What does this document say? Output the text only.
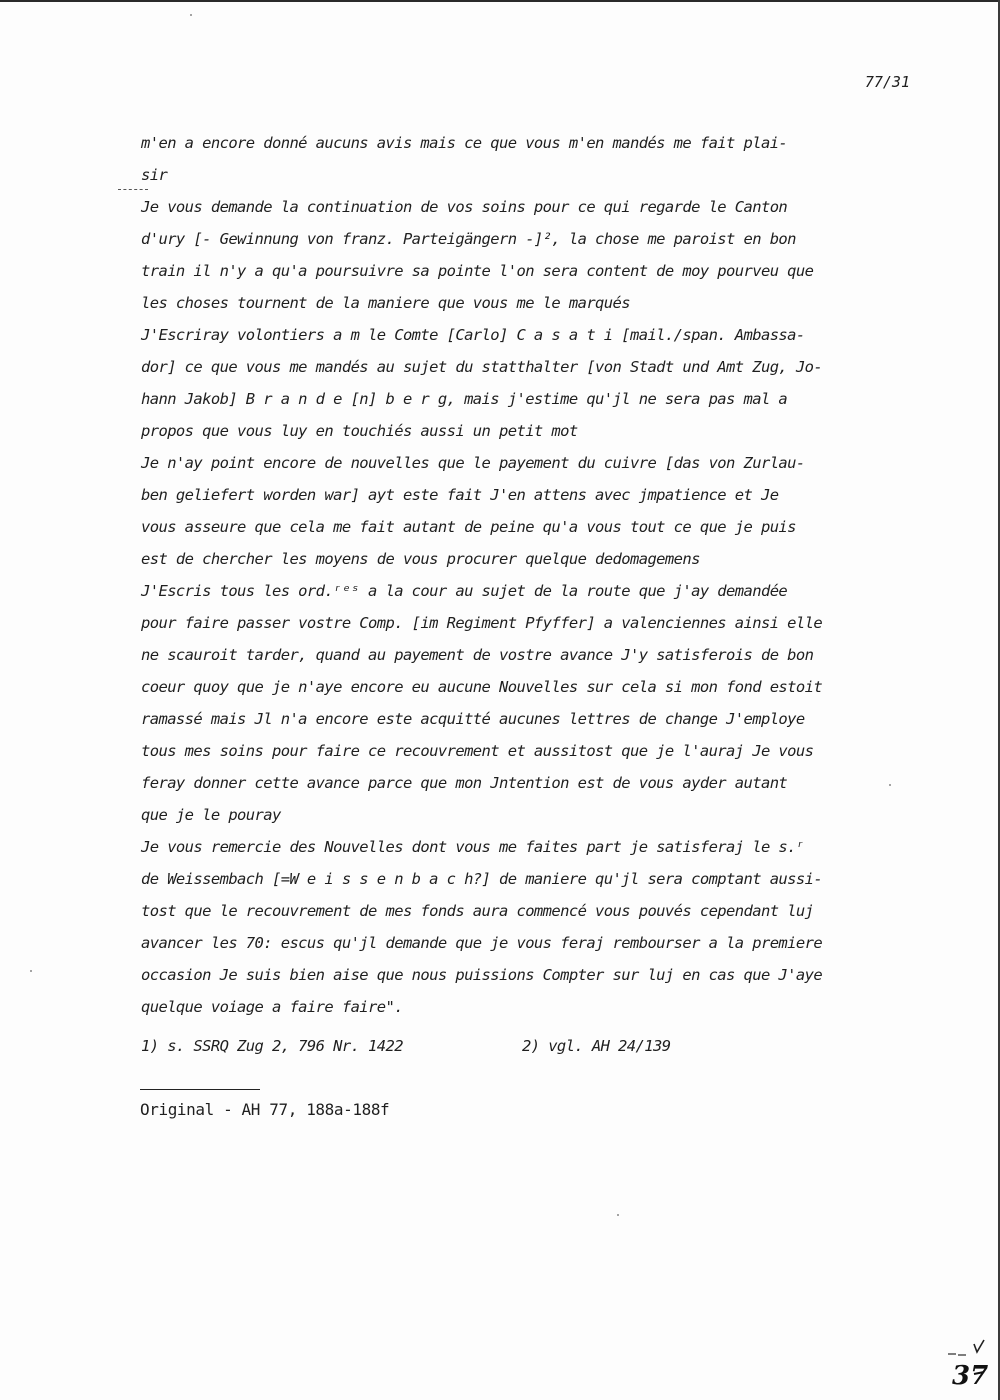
77/31
m'en a encore donné aucuns avis mais ce que vous m'en mandés me fait plai-
sir
Je vous demande la continuation de vos soins pour ce qui regarde le Canton
d'ury [- Gewinnung von franz. Parteigängern -]², la chose me paroist en bon
train il n'y a qu'a poursuivre sa pointe l'on sera content de moy pourveu que
les choses tournent de la maniere que vous me le marqués
J'Escriray volontiers a m le Comte [Carlo] C a s a t i [mail./span. Ambassa-
dor] ce que vous me mandés au sujet du statthalter [von Stadt und Amt Zug, Jo-
hann Jakob] B r a n d e [n] b e r g, mais j'estime qu'jl ne sera pas mal a
propos que vous luy en touchiés aussi un petit mot
Je n'ay point encore de nouvelles que le payement du cuivre [das von Zurlau-
ben geliefert worden war] ayt este fait J'en attens avec jmpatience et Je
vous asseure que cela me fait autant de peine qu'a vous tout ce que je puis
est de chercher les moyens de vous procurer quelque dedomagemens
J'Escris tous les ord.ʳᵉˢ a la cour au sujet de la route que j'ay demandée
pour faire passer vostre Comp. [im Regiment Pfyffer] a valenciennes ainsi elle
ne scauroit tarder, quand au payement de vostre avance J'y satisferois de bon
coeur quoy que je n'aye encore eu aucune Nouvelles sur cela si mon fond estoit
ramassé mais Jl n'a encore este acquitté aucunes lettres de change J'employe
tous mes soins pour faire ce recouvrement et aussitost que je l'auraj Je vous
feray donner cette avance parce que mon Jntention est de vous ayder autant
que je le pouray
Je vous remercie des Nouvelles dont vous me faites part je satisferaj le s.ʳ
de Weissembach [=W e i s s e n b a c h?] de maniere qu'jl sera comptant aussi-
tost que le recouvrement de mes fonds aura commencé vous pouvés cependant luj
avancer les 70: escus qu'jl demande que je vous feraj rembourser a la premiere
occasion Je suis bien aise que nous puissions Compter sur luj en cas que J'aye
quelque voiage a faire faire".
1) s. SSRQ Zug 2, 796 Nr. 1422	2) vgl. AH 24/139
Original - AH 77, 188a-188f
37
